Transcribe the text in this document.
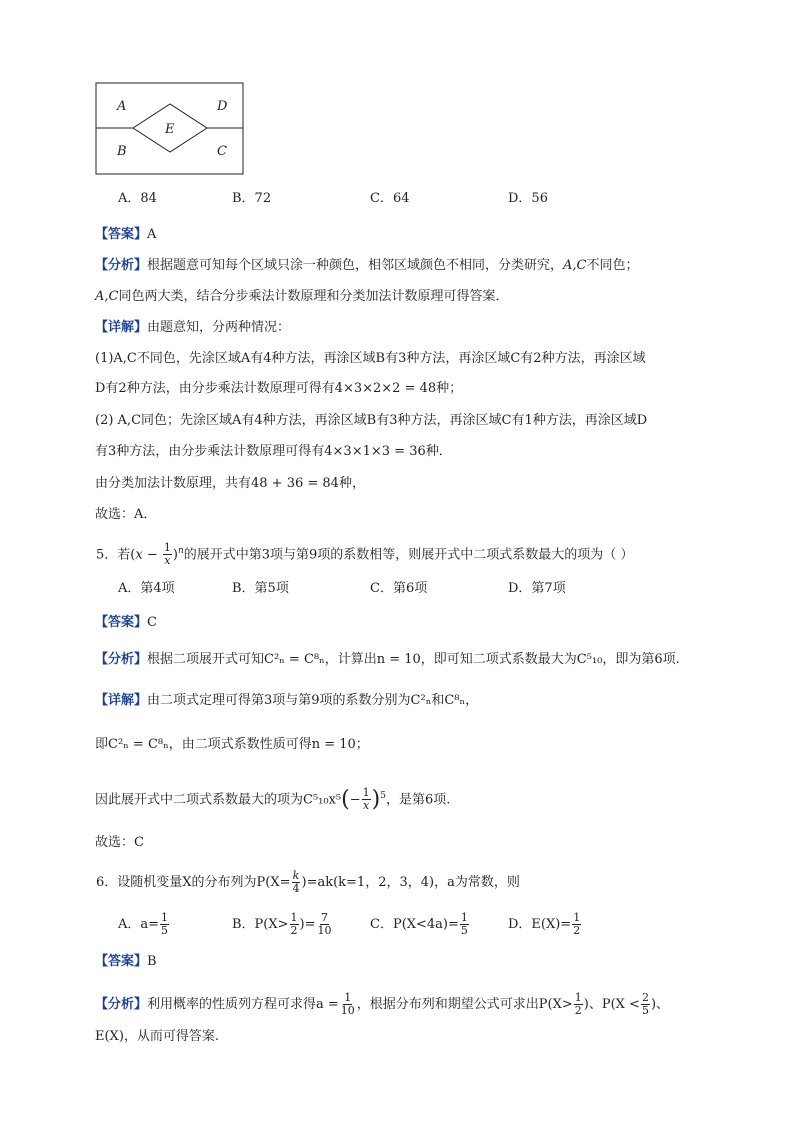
A	D
E
B	C
A．84	B．72	C．64	D．56
【答案】A
【分析】根据题意可知每个区域只涂一种颜色，相邻区域颜色不相同，分类研究，A,C不同色；
A,C同色两大类，结合分步乘法计数原理和分类加法计数原理可得答案．
【详解】由题意知，分两种情况：
(1)A,C不同色，先涂区域A有4种方法，再涂区域B有3种方法，再涂区域C有2种方法，再涂区域
D有2种方法，由分步乘法计数原理可得有4×3×2×2 = 48种；
(2) A,C同色；先涂区域A有4种方法，再涂区域B有3种方法，再涂区域C有1种方法，再涂区域D
有3种方法，由分步乘法计数原理可得有4×3×1×3 = 36种．
由分类加法计数原理，共有48 + 36 = 84种，
故选：A．
5．若$(x - \frac{1}{x} )^n$的展开式中第3项与第9项的系数相等，则展开式中二项式系数最大的项为（ ）
A．第4项	B．第5项	C．第6项	D．第7项
【答案】C
【分析】根据二项展开式可知C²ₙ = C⁸ₙ，计算出n = 10，即可知二项式系数最大为C⁵₁₀，即为第6项.
【详解】由二项式定理可得第3项与第9项的系数分别为C²ₙ和C⁸ₙ，
即C²ₙ = C⁸ₙ，由二项式系数性质可得n = 10；
因此展开式中二项式系数最大的项为$C^5_{10}x^5(- \frac{1}{x} )^5$，是第6项.
故选：C
6．设随机变量X的分布列为$P(X= \frac{k}{4} )=ak(k=1$，2，3，4)，a为常数，则
A．$a= \frac{1}{5}$	B．$P(X> \frac{1}{2}$ )= $\frac{7}{10}$	C．$P(X<4a)= \frac{1}{5}$	D．$E(X)= \frac{1}{2}$
【答案】B
【分析】利用概率的性质列方程可求得$a = \frac{1}{10}$ ，根据分布列和期望公式可求出$P(X> \frac{1}{2}$ )、$P(X < \frac{2}{5}$ )、
E(X)，从而可得答案.
